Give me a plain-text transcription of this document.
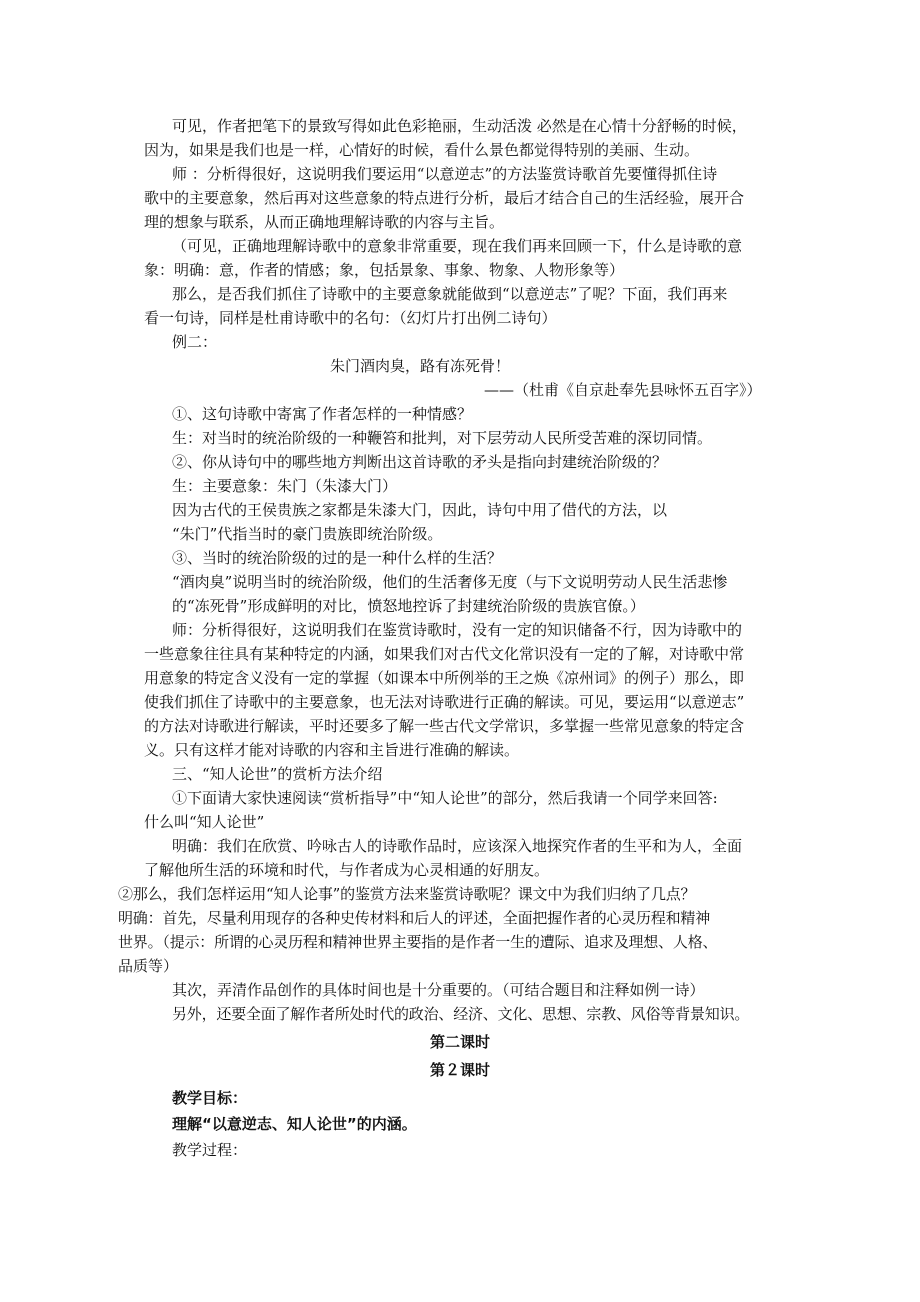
可见，作者把笔下的景致写得如此色彩艳丽，生动活泼 必然是在心情十分舒畅的时候，
因为，如果是我们也是一样，心情好的时候，看什么景色都觉得特别的美丽、生动。
师 ：分析得很好，这说明我们要运用“以意逆志”的方法鉴赏诗歌首先要懂得抓住诗
歌中的主要意象，然后再对这些意象的特点进行分析，最后才结合自己的生活经验，展开合
理的想象与联系，从而正确地理解诗歌的内容与主旨。
（可见，正确地理解诗歌中的意象非常重要，现在我们再来回顾一下，什么是诗歌的意
象：明确：意，作者的情感；象，包括景象、事象、物象、人物形象等）
那么，是否我们抓住了诗歌中的主要意象就能做到“以意逆志”了呢？下面，我们再来
看一句诗，同样是杜甫诗歌中的名句：（幻灯片打出例二诗句）
例二：
朱门酒肉臭，路有冻死骨！
——（杜甫《自京赴奉先县咏怀五百字》）
①、这句诗歌中寄寓了作者怎样的一种情感？
生：对当时的统治阶级的一种鞭笞和批判，对下层劳动人民所受苦难的深切同情。
②、你从诗句中的哪些地方判断出这首诗歌的矛头是指向封建统治阶级的？
生：主要意象：朱门（朱漆大门）
因为古代的王侯贵族之家都是朱漆大门，因此，诗句中用了借代的方法，以
“朱门”代指当时的豪门贵族即统治阶级。
③、当时的统治阶级的过的是一种什么样的生活？
“酒肉臭”说明当时的统治阶级，他们的生活奢侈无度（与下文说明劳动人民生活悲惨
的“冻死骨”形成鲜明的对比，愤怒地控诉了封建统治阶级的贵族官僚。）
师：分析得很好，这说明我们在鉴赏诗歌时，没有一定的知识储备不行，因为诗歌中的
一些意象往往具有某种特定的内涵，如果我们对古代文化常识没有一定的了解，对诗歌中常
用意象的特定含义没有一定的掌握（如课本中所例举的王之焕《凉州词》的例子）那么，即
使我们抓住了诗歌中的主要意象，也无法对诗歌进行正确的解读。可见，要运用“以意逆志”
的方法对诗歌进行解读，平时还要多了解一些古代文学常识，多掌握一些常见意象的特定含
义。只有这样才能对诗歌的内容和主旨进行准确的解读。
三、“知人论世”的赏析方法介绍
①下面请大家快速阅读“赏析指导”中“知人论世”的部分，然后我请一个同学来回答:
什么叫“知人论世”
明确：我们在欣赏、吟咏古人的诗歌作品时，应该深入地探究作者的生平和为人，全面
了解他所生活的环境和时代，与作者成为心灵相通的好朋友。
②那么，我们怎样运用“知人论事”的鉴赏方法来鉴赏诗歌呢？课文中为我们归纳了几点？
明确：首先，尽量利用现存的各种史传材料和后人的评述，全面把握作者的心灵历程和精神
世界。（提示：所谓的心灵历程和精神世界主要指的是作者一生的遭际、追求及理想、人格、
品质等）
其次，弄清作品创作的具体时间也是十分重要的。（可结合题目和注释如例一诗）
另外，还要全面了解作者所处时代的政治、经济、文化、思想、宗教、风俗等背景知识。
第二课时
第２课时
教学目标：
理解“以意逆志、知人论世”的内涵。
教学过程：
